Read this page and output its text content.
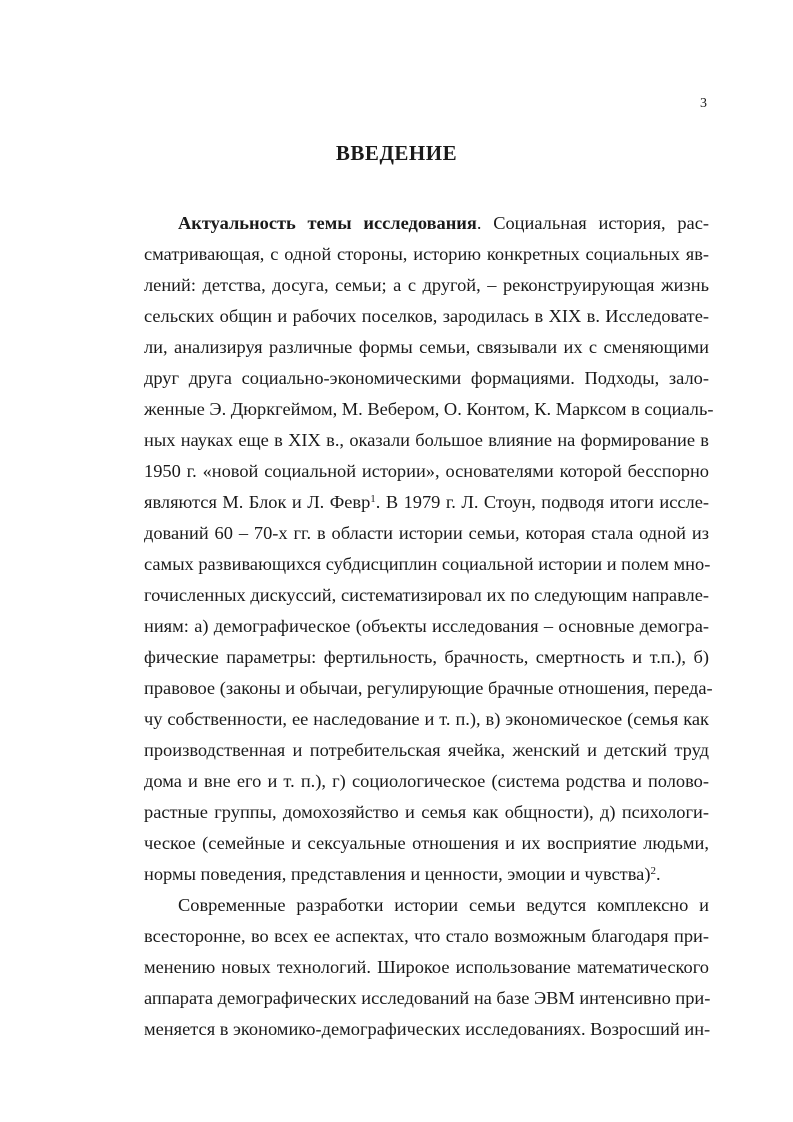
3
ВВЕДЕНИЕ
Актуальность темы исследования. Социальная история, рас-
сматривающая, с одной стороны, историю конкретных социальных яв-
лений: детства, досуга, семьи; а с другой, – реконструирующая жизнь
сельских общин и рабочих поселков, зародилась в XIX в. Исследовате-
ли, анализируя различные формы семьи, связывали их с сменяющими
друг друга социально-экономическими формациями. Подходы, зало-
женные Э. Дюркгеймом, М. Вебером, О. Контом, К. Марксом в социаль-
ных науках еще в XIX в., оказали большое влияние на формирование в
1950 г. «новой социальной истории», основателями которой бесспорно
являются М. Блок и Л. Февр$^1$. В 1979 г. Л. Стоун, подводя итоги иссле-
дований 60 – 70-х гг. в области истории семьи, которая стала одной из
самых развивающихся субдисциплин социальной истории и полем мно-
гочисленных дискуссий, систематизировал их по следующим направле-
ниям: а) демографическое (объекты исследования – основные демогра-
фические параметры: фертильность, брачность, смертность и т.п.), б)
правовое (законы и обычаи, регулирующие брачные отношения, переда-
чу собственности, ее наследование и т. п.), в) экономическое (семья как
производственная и потребительская ячейка, женский и детский труд
дома и вне его и т. п.), г) социологическое (система родства и полово-
растные группы, домохозяйство и семья как общности), д) психологи-
ческое (семейные и сексуальные отношения и их восприятие людьми,
нормы поведения, представления и ценности, эмоции и чувства)$^2$.
Современные разработки истории семьи ведутся комплексно и
всесторонне, во всех ее аспектах, что стало возможным благодаря при-
менению новых технологий. Широкое использование математического
аппарата демографических исследований на базе ЭВМ интенсивно при-
меняется в экономико-демографических исследованиях. Возросший ин-
